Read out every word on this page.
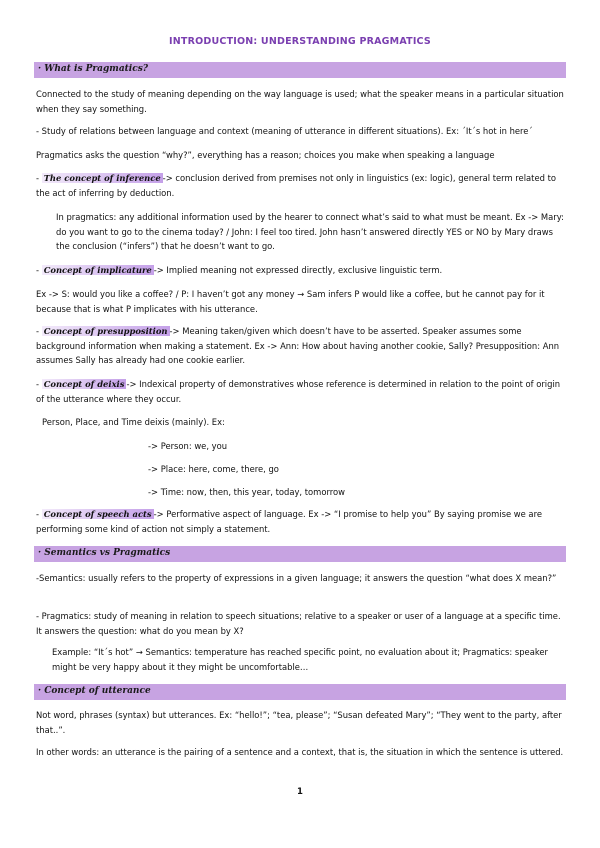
INTRODUCTION: UNDERSTANDING PRAGMATICS
· What is Pragmatics?
Connected to the study of meaning depending on the way language is used; what the speaker means in a particular situation when they say something.
- Study of relations between language and context (meaning of utterance in different situations). Ex: ´It´s hot in here´
Pragmatics asks the question “why?”, everything has a reason; choices you make when speaking a language
- The concept of inference -> conclusion derived from premises not only in linguistics (ex: logic), general term related to the act of inferring by deduction.
In pragmatics: any additional information used by the hearer to connect what’s said to what must be meant. Ex -> Mary: do you want to go to the cinema today? / John: I feel too tired. John hasn’t answered directly YES or NO by Mary draws the conclusion (“infers”) that he doesn’t want to go.
- Concept of implicature -> Implied meaning not expressed directly, exclusive linguistic term.
Ex -> S: would you like a coffee? / P: I haven’t got any money → Sam infers P would like a coffee, but he cannot pay for it because that is what P implicates with his utterance.
- Concept of presupposition -> Meaning taken/given which doesn’t have to be asserted. Speaker assumes some background information when making a statement. Ex -> Ann: How about having another cookie, Sally? Presupposition: Ann assumes Sally has already had one cookie earlier.
- Concept of deixis -> Indexical property of demonstratives whose reference is determined in relation to the point of origin of the utterance where they occur.
Person, Place, and Time deixis (mainly). Ex:
-> Person: we, you
-> Place: here, come, there, go
-> Time: now, then, this year, today, tomorrow
- Concept of speech acts -> Performative aspect of language. Ex -> “I promise to help you” By saying promise we are performing some kind of action not simply a statement.
· Semantics vs Pragmatics
-Semantics: usually refers to the property of expressions in a given language; it answers the question “what does X mean?”
- Pragmatics: study of meaning in relation to speech situations; relative to a speaker or user of a language at a specific time. It answers the question: what do you mean by X?
Example: “It´s hot” → Semantics: temperature has reached specific point, no evaluation about it; Pragmatics: speaker might be very happy about it they might be uncomfortable…
· Concept of utterance
Not word, phrases (syntax) but utterances. Ex: “hello!”; “tea, please”; “Susan defeated Mary”; “They went to the party, after that..”.
In other words: an utterance is the pairing of a sentence and a context, that is, the situation in which the sentence is uttered.
1
